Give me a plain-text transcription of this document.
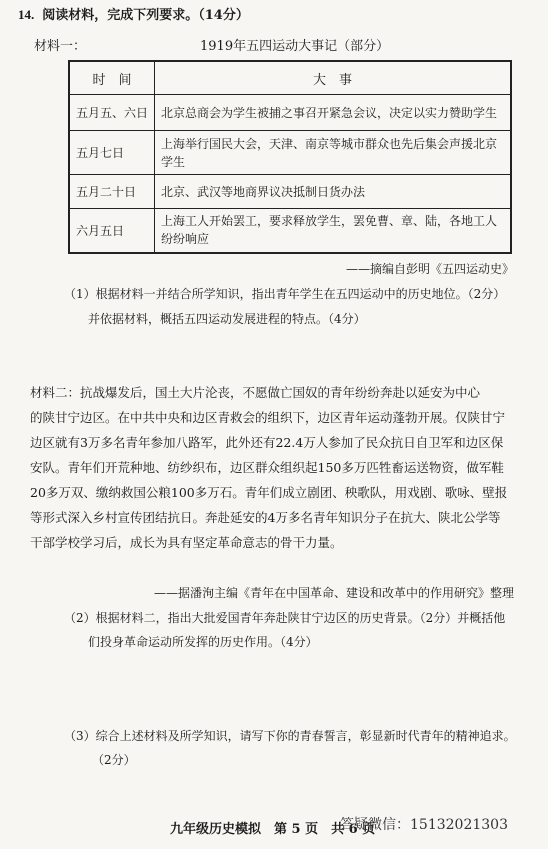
14. 阅读材料，完成下列要求。（14分）
材料一：	1919年五四运动大事记（部分）
时　间	大　事
五月五、六日	北京总商会为学生被捕之事召开紧急会议，决定以实力赞助学生
五月七日	上海举行国民大会，天津、南京等城市群众也先后集会声援北京学生
五月二十日	北京、武汉等地商界议决抵制日货办法
六月五日	上海工人开始罢工，要求释放学生，罢免曹、章、陆，各地工人纷纷响应
——摘编自彭明《五四运动史》
（1）根据材料一并结合所学知识，指出青年学生在五四运动中的历史地位。（2分）
并依据材料，概括五四运动发展进程的特点。（4分）

材料二：抗战爆发后，国土大片沦丧，不愿做亡国奴的青年纷纷奔赴以延安为中心

的陕甘宁边区。在中共中央和边区青救会的组织下，边区青年运动蓬勃开展。仅陕甘宁

边区就有3万多名青年参加八路军，此外还有22.4万人参加了民众抗日自卫军和边区保

安队。青年们开荒种地、纺纱织布，边区群众组织起150多万匹牲畜运送物资，做军鞋

20多万双、缴纳救国公粮100多万石。青年们成立剧团、秧歌队，用戏剧、歌咏、壁报

等形式深入乡村宣传团结抗日。奔赴延安的4万多名青年知识分子在抗大、陕北公学等

干部学校学习后，成长为具有坚定革命意志的骨干力量。

——据潘洵主编《青年在中国革命、建设和改革中的作用研究》整理
（2）根据材料二，指出大批爱国青年奔赴陕甘宁边区的历史背景。（2分）并概括他
们投身革命运动所发挥的历史作用。（4分）
（3）综合上述材料及所学知识，请写下你的青春誓言，彰显新时代青年的精神追求。
（2分）
九年级历史模拟　第 5 页　共 6 页
答疑微信：15132021303
